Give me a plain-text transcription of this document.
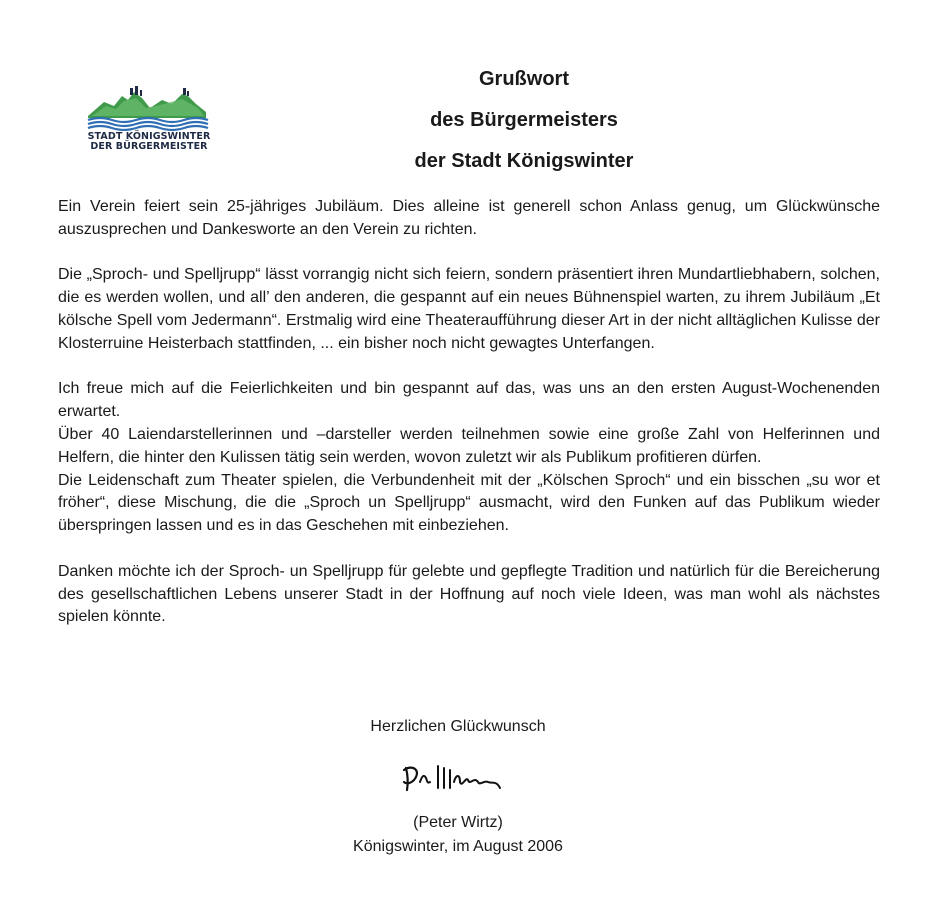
STADT KÖNIGSWINTER
DER BÜRGERMEISTER
Grußwort
des Bürgermeisters
der Stadt Königswinter

Ein Verein feiert sein 25-jähriges Jubiläum. Dies alleine ist generell schon Anlass genug, um Glückwünsche auszusprechen und Dankesworte an den Verein zu richten.

Die „Sproch- und Spelljrupp“ lässt vorrangig nicht sich feiern, sondern präsentiert ihren Mundartliebhabern, solchen, die es werden wollen, und all’ den anderen, die gespannt auf ein neues Bühnenspiel warten, zu ihrem Jubiläum „Et kölsche Spell vom Jedermann“. Erstmalig wird eine Theateraufführung dieser Art in der nicht alltäglichen Kulisse der Klosterruine Heisterbach stattfinden, ... ein bisher noch nicht gewagtes Unterfangen.

Ich freue mich auf die Feierlichkeiten und bin gespannt auf das, was uns an den ersten August-Wochenenden erwartet.

Über 40 Laiendarstellerinnen und –darsteller werden teilnehmen sowie eine große Zahl von Helferinnen und Helfern, die hinter den Kulissen tätig sein werden, wovon zuletzt wir als Publikum profitieren dürfen.

Die Leidenschaft zum Theater spielen, die Verbundenheit mit der „Kölschen Sproch“ und ein bisschen „su wor et fröher“, diese Mischung, die die „Sproch un Spelljrupp“ ausmacht, wird den Funken auf das Publikum wieder überspringen lassen und es in das Geschehen mit einbeziehen.

Danken möchte ich der Sproch- un Spelljrupp für gelebte und gepflegte Tradition und natürlich für die Bereicherung des gesellschaftlichen Lebens unserer Stadt in der Hoffnung auf noch viele Ideen, was man wohl als nächstes spielen könnte.

Herzlichen Glückwunsch
(Peter Wirtz)
Königswinter, im August 2006
